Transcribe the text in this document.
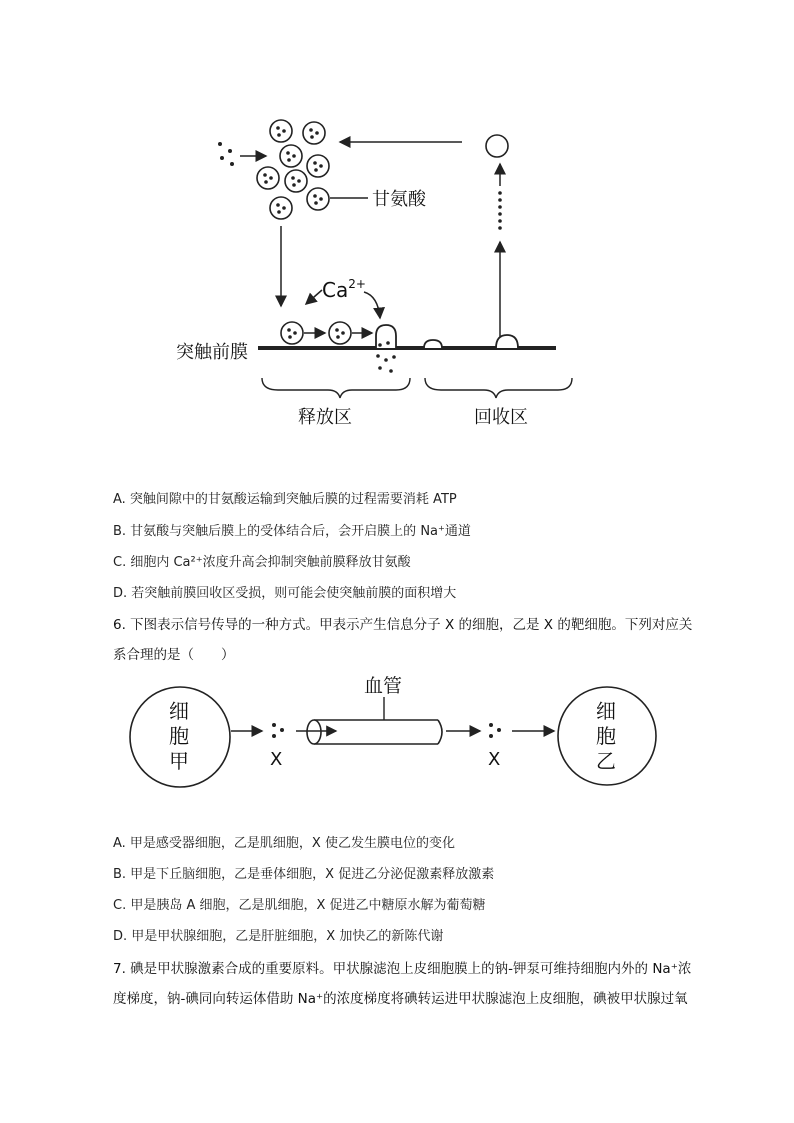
甘氨酸
$Ca^{2+}$
突触前膜
释放区	回收区
A. 突触间隙中的甘氨酸运输到突触后膜的过程需要消耗 ATP
B. 甘氨酸与突触后膜上的受体结合后，会开启膜上的 Na⁺通道
C. 细胞内 Ca²⁺浓度升高会抑制突触前膜释放甘氨酸
D. 若突触前膜回收区受损，则可能会使突触前膜的面积增大
6. 下图表示信号传导的一种方式。甲表示产生信息分子 X 的细胞，乙是 X 的靶细胞。下列对应关
系合理的是（　　）
细
胞
甲	X
血管
X
细
胞
乙
A. 甲是感受器细胞，乙是肌细胞，X 使乙发生膜电位的变化
B. 甲是下丘脑细胞，乙是垂体细胞，X 促进乙分泌促激素释放激素
C. 甲是胰岛 A 细胞，乙是肌细胞，X 促进乙中糖原水解为葡萄糖
D. 甲是甲状腺细胞，乙是肝脏细胞，X 加快乙的新陈代谢
7. 碘是甲状腺激素合成的重要原料。甲状腺滤泡上皮细胞膜上的钠-钾泵可维持细胞内外的 Na⁺浓
度梯度，钠-碘同向转运体借助 Na⁺的浓度梯度将碘转运进甲状腺滤泡上皮细胞，碘被甲状腺过氧
